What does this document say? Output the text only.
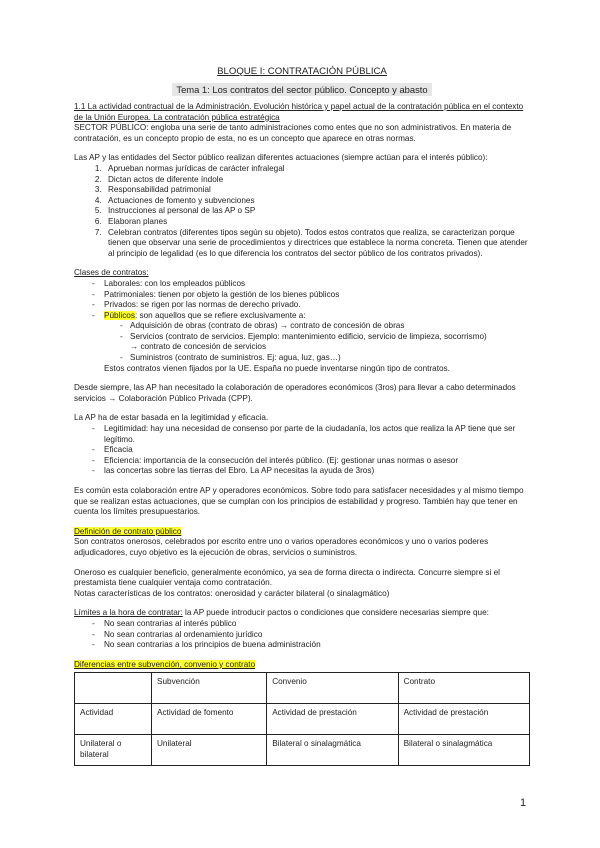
BLOQUE I: CONTRATACIÓN PÚBLICA

Tema 1: Los contratos del sector público. Concepto y abasto

1.1 La actividad contractual de la Administración. Evolución histórica y papel actual de la contratación pública en el contexto de la Unión Europea. La contratación pública estratégica

SECTOR PÚBLICO: engloba una serie de tanto administraciones como entes que no son administrativos. En materia de contratación, es un concepto propio de esta, no es un concepto que aparece en otras normas.

Las AP y las entidades del Sector público realizan diferentes actuaciones (siempre actúan para el interés público):

1. Aprueban normas jurídicas de carácter infralegal
2. Dictan actos de diferente índole
3. Responsabilidad patrimonial
4. Actuaciones de fomento y subvenciones
5. Instrucciones al personal de las AP o SP
6. Elaboran planes
7. Celebran contratos (diferentes tipos según su objeto). Todos estos contratos que realiza, se caracterizan porque tienen que observar una serie de procedimientos y directrices que establece la norma concreta. Tienen que atender al principio de legalidad (es lo que diferencia los contratos del sector público de los contratos privados).

Clases de contratos:

- Laborales: con los empleados públicos
- Patrimoniales: tienen por objeto la gestión de los bienes públicos
- Privados: se rigen por las normas de derecho privado.
- Públicos: son aquellos que se refiere exclusivamente a:
- Adquisición de obras (contrato de obras) → contrato de concesión de obras
- Servicios (contrato de servicios. Ejemplo: mantenimiento edificio, servicio de limpieza, socorrismo)
→ contrato de concesión de servicios
- Suministros (contrato de suministros. Ej: agua, luz, gas…)

Estos contratos vienen fijados por la UE. España no puede inventarse ningún tipo de contratos.

Desde siempre, las AP han necesitado la colaboración de operadores económicos (3ros) para llevar a cabo determinados servicios → Colaboración Público Privada (CPP).

La AP ha de estar basada en la legitimidad y eficacia.

- Legitimidad: hay una necesidad de consenso por parte de la ciudadanía, los actos que realiza la AP tiene que ser legítimo.
- Eficacia
- Eficiencia: importancia de la consecución del interés público. (Ej: gestionar unas normas o asesor
- las concertas sobre las tierras del Ebro. La AP necesitas la ayuda de 3ros)

Es común esta colaboración entre AP y operadores económicos. Sobre todo para satisfacer necesidades y al mismo tiempo que se realizan estas actuaciones, que se cumplan con los principios de estabilidad y progreso. También hay que tener en cuenta los límites presupuestarios.

Definición de contrato público

Son contratos onerosos, celebrados por escrito entre uno o varios operadores económicos y uno o varios poderes adjudicadores, cuyo objetivo es la ejecución de obras, servicios o suministros.

Oneroso es cualquier beneficio, generalmente económico, ya sea de forma directa o indirecta. Concurre siempre si el prestamista tiene cualquier ventaja como contratación.

Notas características de los contratos: onerosidad y carácter bilateral (o sinalagmático)

Límites a la hora de contratar: la AP puede introducir pactos o condiciones que considere necesarias siempre que:

- No sean contrarias al interés público
- No sean contrarias al ordenamiento jurídico
- No sean contrarias a los principios de buena administración

Diferencias entre subvención, convenio y contrato

	Subvención	Convenio	Contrato
Actividad	Actividad de fomento	Actividad de prestación	Actividad de prestación
Unilateral o bilateral	Unilateral	Bilateral o sinalagmática	Bilateral o sinalagmática
1
